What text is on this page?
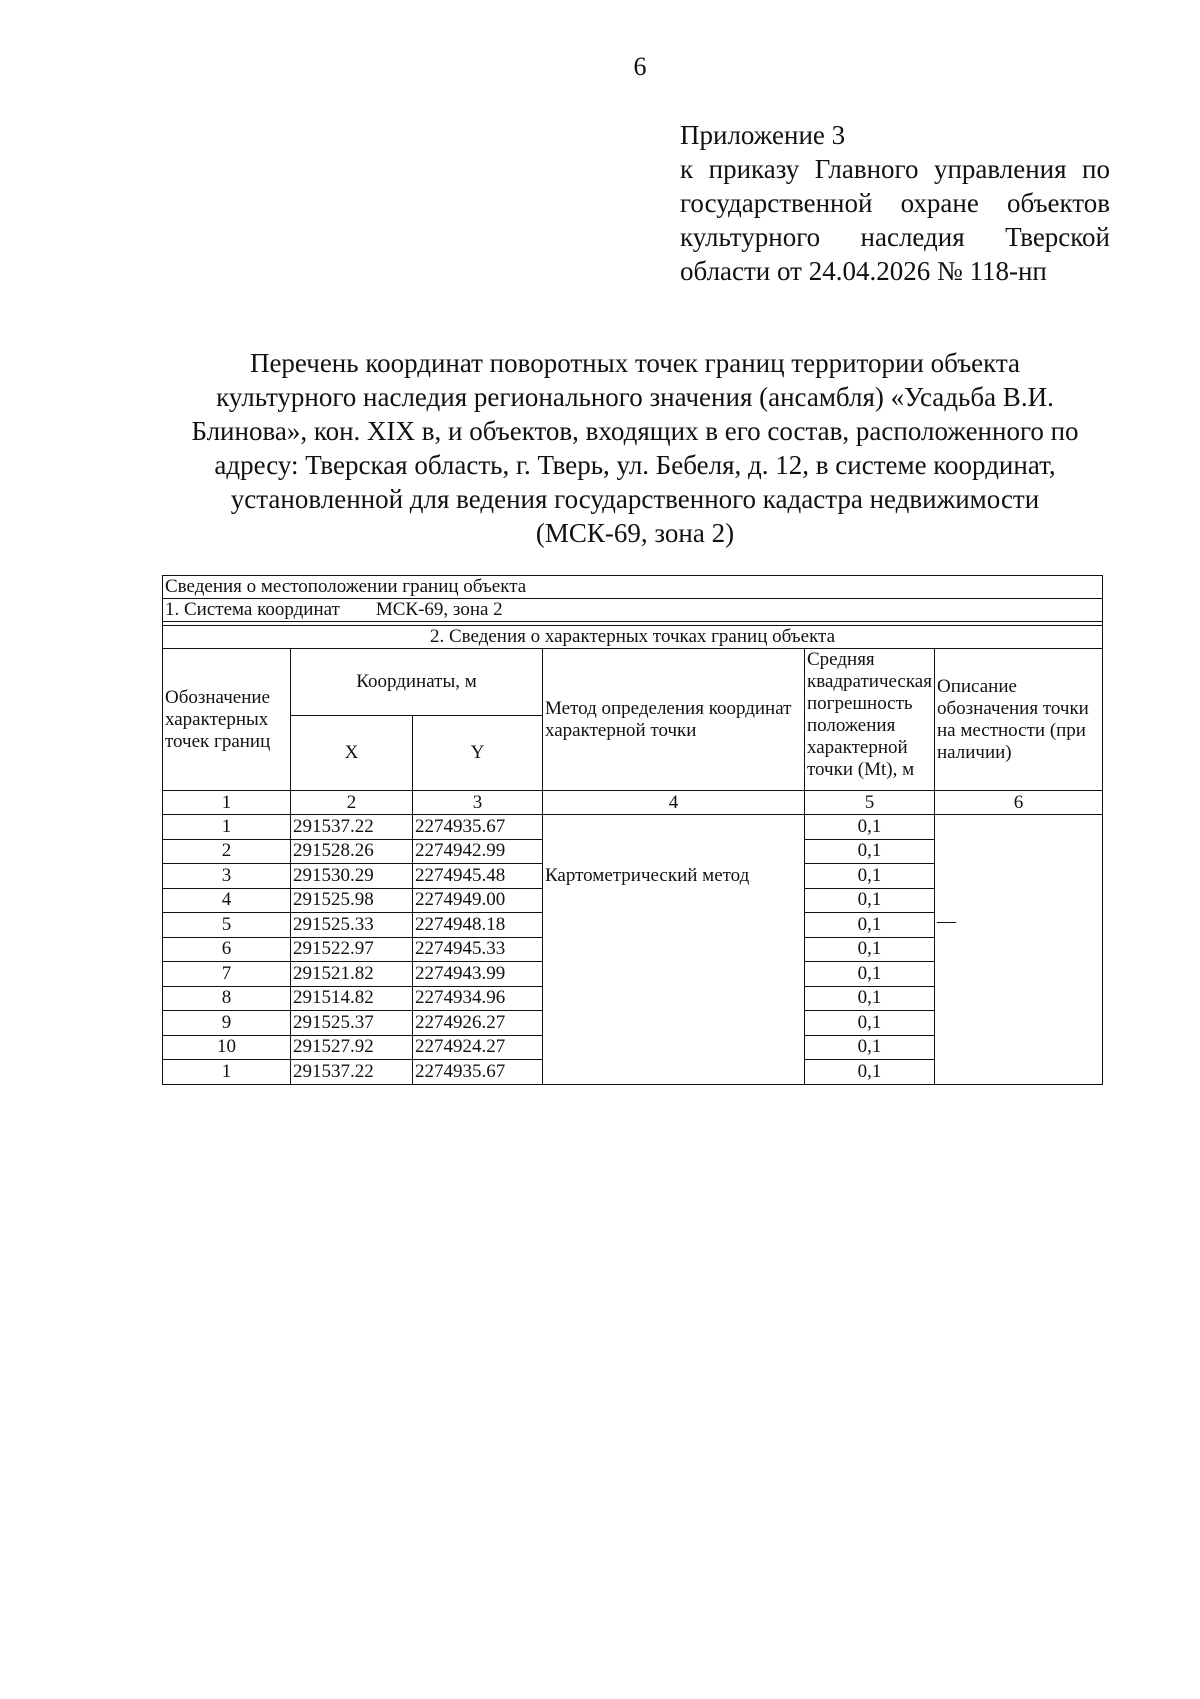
6
Приложение 3
к приказу Главного управления по государственной охране объектов культурного наследия Тверской области от 24.04.2026 № 118-нп
Перечень координат поворотных точек границ территории объекта
культурного наследия регионального значения (ансамбля) «Усадьба В.И.
Блинова», кон. XIX в, и объектов, входящих в его состав, расположенного по
адресу: Тверская область, г. Тверь, ул. Бебеля, д. 12, в системе координат,
установленной для ведения государственного кадастра недвижимости
(МСК-69, зона 2)
Сведения о местоположении границ объекта					
1. Система координат МСК-69, зона 2					

2. Сведения о характерных точках границ объекта					
Обозначение характерных точек границ	Координаты, м		Метод определения координат характерной точки	Средняя квадратическая погрешность положения характерной точки (Mt), м	Описание обозначения точки на местности (при наличии)
	X	Y			
1	2	3	4	5	6
1	291537.22	2274935.67	Картометрический метод	0,1	—
2	291528.26	2274942.99		0,1	
3	291530.29	2274945.48		0,1	
4	291525.98	2274949.00		0,1	
5	291525.33	2274948.18		0,1	
6	291522.97	2274945.33		0,1	
7	291521.82	2274943.99		0,1	
8	291514.82	2274934.96		0,1	
9	291525.37	2274926.27		0,1	
10	291527.92	2274924.27		0,1	
1	291537.22	2274935.67		0,1	
